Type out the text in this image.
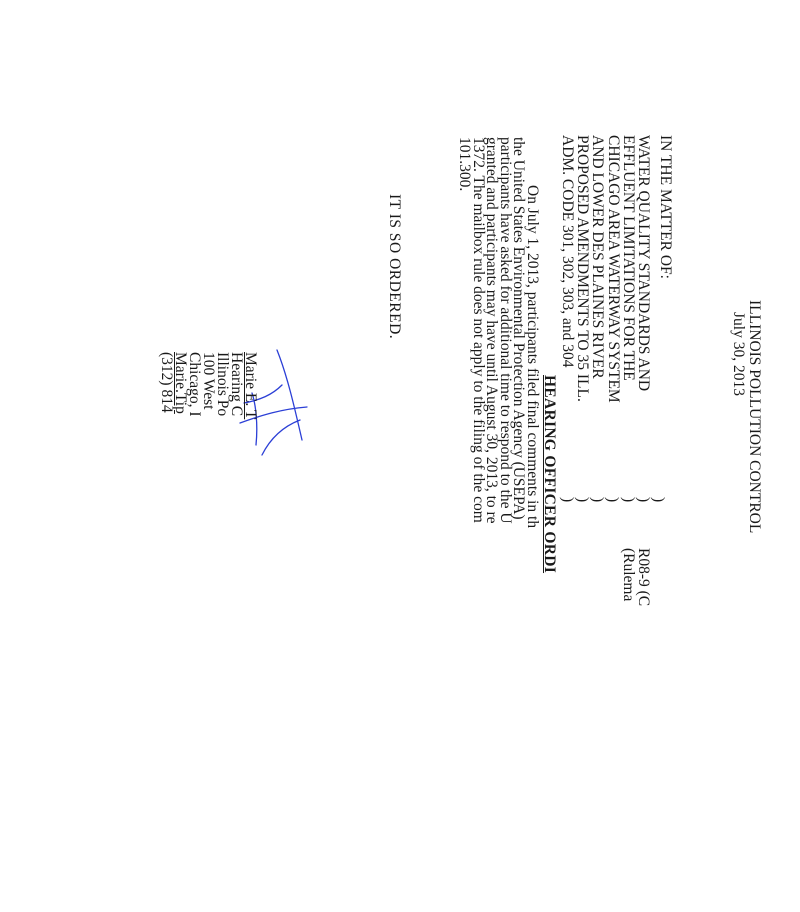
ILLINOIS POLLUTION CONTROL
July 30, 2013
IN THE MATTER OF:
WATER QUALITY STANDARDS AND
EFFLUENT LIMITATIONS FOR THE
CHICAGO AREA WATERWAY SYSTEM
AND LOWER DES PLAINES RIVER
PROPOSED AMENDMENTS TO 35 ILL.
ADM. CODE 301, 302, 303, and 304
)
)
)
)
)
)
)
R08-9 (C
(Rulema
HEARING OFFICER ORDI
On July 1, 2013, participants filed final comments in th
the United States Environmental Protection Agency (USEPA)
participants have asked for additional time to respond to the U
granted and participants may have until August 30, 2013, to re
1372. The mailbox rule does not apply to the filing of the com
101.300.
IT IS SO ORDERED.
Marie E. T
Hearing C
Illinois Po
100 West
Chicago, I
Marie.Tip
(312) 814
